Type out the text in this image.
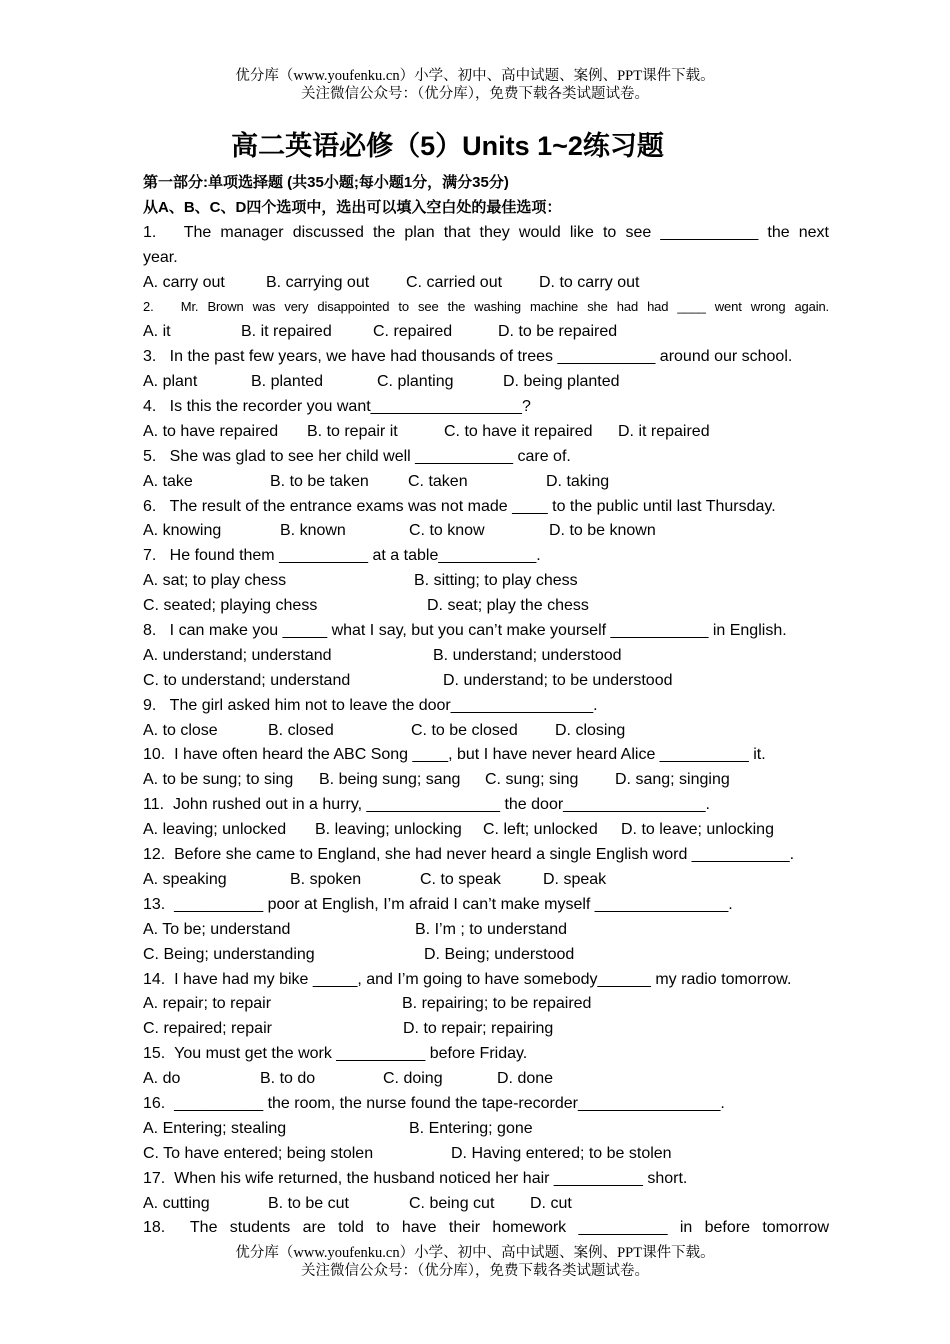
优分库（www.youfenku.cn）小学、初中、高中试题、案例、PPT课件下载。
关注微信公众号：（优分库），免费下载各类试题试卷。
高二英语必修（5）Units 1~2练习题
第一部分:单项选择题 (共35小题;每小题1分，满分35分)
从A、B、C、D四个选项中，选出可以填入空白处的最佳选项：
1.   The manager discussed the plan that they would like to see ___________ the next
year.
A. carry out	B. carrying out C. carried out D. to carry out
2.   Mr. Brown was very disappointed to see the washing machine she had had ____ went wrong again.
A. it	B. it repaired	C. repaired	D. to be repaired
3.   In the past few years, we have had thousands of trees ___________ around our school.
A. plant	B. planted	C. planting	D. being planted
4.   Is this the recorder you want_________________?
A. to have repaired B. to repair it	C. to have it repaired D. it repaired
5.   She was glad to see her child well ___________ care of.
A. take	B. to be taken C. taken	D. taking
6.   The result of the entrance exams was not made ____ to the public until last Thursday.
A. knowing	B. known	C. to know	D. to be known
7.   He found them __________ at a table___________.
A. sat; to play chess	B. sitting; to play chess
C. seated; playing chess	D. seat; play the chess
8.   I can make you _____ what I say, but you can’t make yourself ___________ in English.
A. understand; understand	B. understand; understood
C. to understand; understand	D. understand; to be understood
9.   The girl asked him not to leave the door________________.
A. to close	B. closed	C. to be closed D. closing
10.  I have often heard the ABC Song ____, but I have never heard Alice __________ it.
A. to be sung; to sing B. being sung; sang C. sung; sing D. sang; singing
11.  John rushed out in a hurry, _______________ the door________________.
A. leaving; unlocked B. leaving; unlocking C. left; unlocked D. to leave; unlocking
12.  Before she came to England, she had never heard a single English word ___________.
A. speaking	B. spoken	C. to speak	D. speak
13.  __________ poor at English, I’m afraid I can’t make myself _______________.
A. To be; understand	B. I’m ; to understand
C. Being; understanding	D. Being; understood
14.  I have had my bike _____, and I’m going to have somebody______ my radio tomorrow.
A. repair; to repair	B. repairing; to be repaired
C. repaired; repair	D. to repair; repairing
15.  You must get the work __________ before Friday.
A. do	B. to do	C. doing	D. done
16.  __________ the room, the nurse found the tape-recorder________________.
A. Entering; stealing	B. Entering; gone
C. To have entered; being stolen	D. Having entered; to be stolen
17.  When his wife returned, the husband noticed her hair __________ short.
A. cutting	B. to be cut	C. being cut D. cut
18.  The students are told to have their homework __________ in before tomorrow
优分库（www.youfenku.cn）小学、初中、高中试题、案例、PPT课件下载。
关注微信公众号：（优分库），免费下载各类试题试卷。
